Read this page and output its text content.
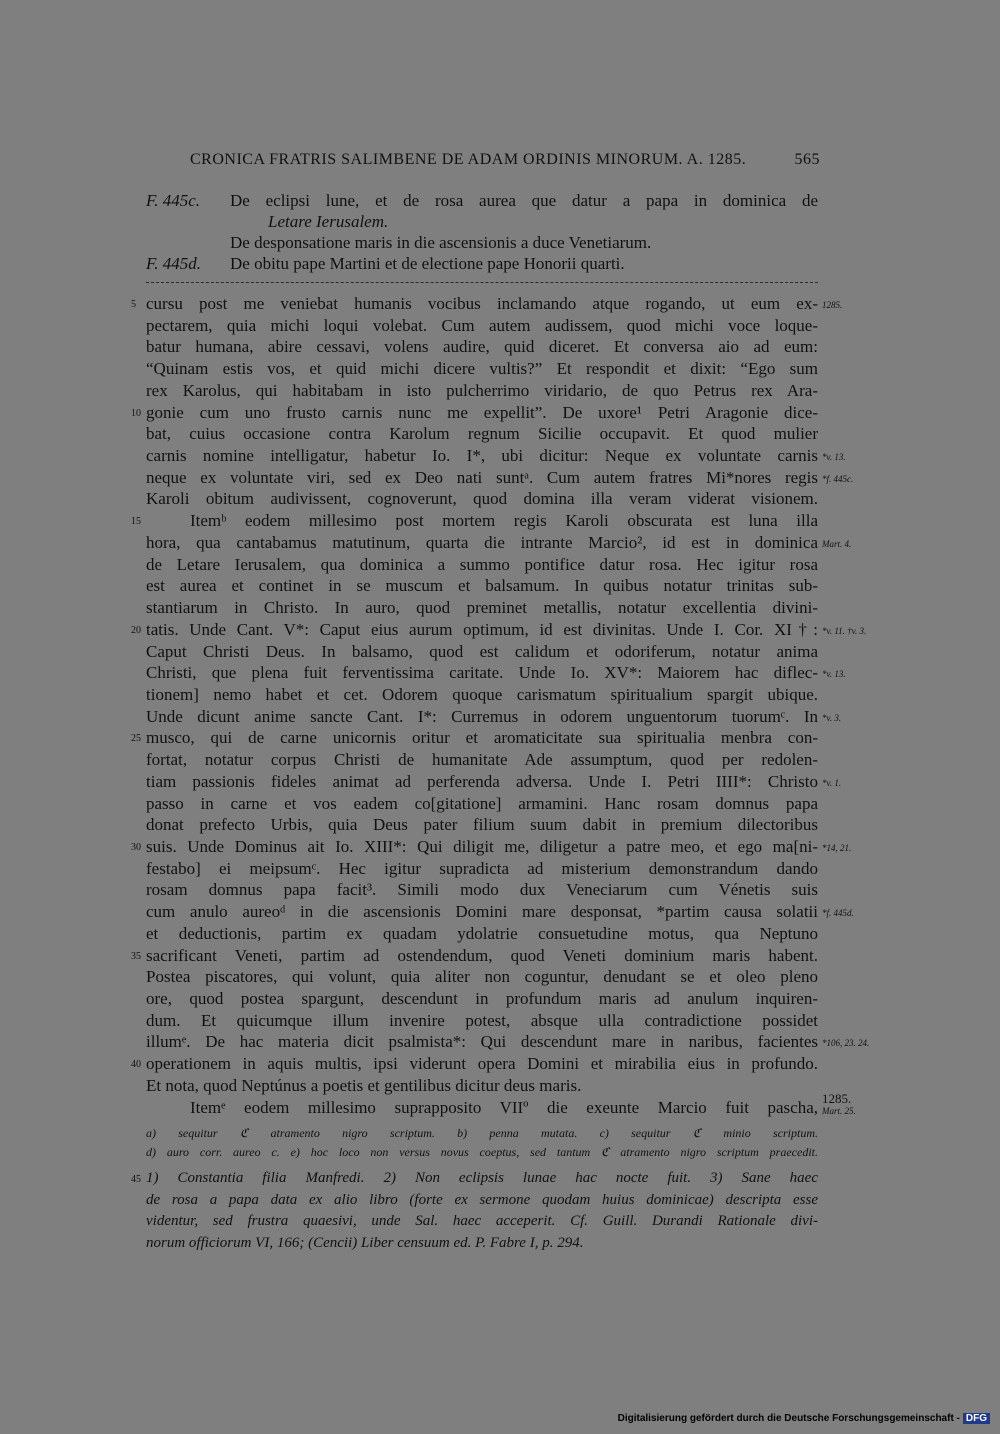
CRONICA FRATRIS SALIMBENE DE ADAM ORDINIS MINORUM. A. 1285.	565
F. 445c. De eclipsi lune, et de rosa aurea que datur a papa in dominica de
Letare Ierusalem.
De desponsatione maris in die ascensionis a duce Venetiarum.
F. 445d. De obitu pape Martini et de electione pape Honorii quarti.
5 cursu post me veniebat humanis vocibus inclamando atque rogando, ut eum ex- 1285.
pectarem, quia michi loqui volebat. Cum autem audissem, quod michi voce loque-
batur humana, abire cessavi, volens audire, quid diceret. Et conversa aio ad eum:
“Quinam estis vos, et quid michi dicere vultis?” Et respondit et dixit: “Ego sum
rex Karolus, qui habitabam in isto pulcherrimo viridario, de quo Petrus rex Ara-
10 gonie cum uno frusto carnis nunc me expellit”. De uxore¹ Petri Aragonie dice-
bat, cuius occasione contra Karolum regnum Sicilie occupavit. Et quod mulier
carnis nomine intelligatur, habetur Io. I*, ubi dicitur: Neque ex voluntate carnis *v. 13.
neque ex voluntate viri, sed ex Deo nati suntᵃ. Cum autem fratres Mi*nores regis *f. 445c.
Karoli obitum audivissent, cognoverunt, quod domina illa veram viderat visionem.
15	Itemᵇ eodem millesimo post mortem regis Karoli obscurata est luna illa
hora, qua cantabamus matutinum, quarta die intrante Marcio², id est in dominica Mart. 4.
de Letare Ierusalem, qua dominica a summo pontifice datur rosa. Hec igitur rosa
est aurea et continet in se muscum et balsamum. In quibus notatur trinitas sub-
stantiarum in Christo. In auro, quod preminet metallis, notatur excellentia divini-
20 tatis. Unde Cant. V*: Caput eius aurum optimum, id est divinitas. Unde I. Cor. XI†: *v. 11. †v. 3.
Caput Christi Deus. In balsamo, quod est calidum et odoriferum, notatur anima
Christi, que plena fuit ferventissima caritate. Unde Io. XV*: Maiorem hac diflec- *v. 13.
tionem] nemo habet et cet. Odorem quoque carismatum spiritualium spargit ubique.
Unde dicunt anime sancte Cant. I*: Curremus in odorem unguentorum tuorumᶜ. In *v. 3.
25 musco, qui de carne unicornis oritur et aromaticitate sua spiritualia menbra con-
fortat, notatur corpus Christi de humanitate Ade assumptum, quod per redolen-
tiam passionis fideles animat ad perferenda adversa. Unde I. Petri IIII*: Christo *v. 1.
passo in carne et vos eadem co[gitatione] armamini. Hanc rosam domnus papa
donat prefecto Urbis, quia Deus pater filium suum dabit in premium dilectoribus
30 suis. Unde Dominus ait Io. XIII*: Qui diligit me, diligetur a patre meo, et ego ma[ni- *14, 21.
festabo] ei meipsumᶜ. Hec igitur supradicta ad misterium demonstrandum dando
rosam domnus papa facit³. Simili modo dux Veneciarum cum Vénetis suis
cum anulo aureoᵈ in die ascensionis Domini mare desponsat, *partim causa solatii *f. 445d.
et deductionis, partim ex quadam ydolatrie consuetudine motus, qua Neptuno
35 sacrificant Veneti, partim ad ostendendum, quod Veneti dominium maris habent.
Postea piscatores, qui volunt, quia aliter non coguntur, denudant se et oleo pleno
ore, quod postea spargunt, descendunt in profundum maris ad anulum inquiren-
dum. Et quicumque illum invenire potest, absque ulla contradictione possidet
illumᵉ. De hac materia dicit psalmista*: Qui descendunt mare in naribus, facientes *106, 23. 24.
40 operationem in aquis multis, ipsi viderunt opera Domini et mirabilia eius in profundo.
Et nota, quod Neptúnus a poetis et gentilibus dicitur deus maris.
Itemᵉ eodem millesimo suprapposito VIIº die exeunte Marcio fuit pascha, 1285.
Mart. 25.
a) sequitur ℭ atramento nigro scriptum. b) penna mutata. c) sequitur ℭ minio scriptum.
d) auro corr. aureo c. e) hoc loco non versus novus coeptus, sed tantum ℭ atramento nigro scriptum praecedit.
45 1) Constantia filia Manfredi. 2) Non eclipsis lunae hac nocte fuit. 3) Sane haec
de rosa a papa data ex alio libro (forte ex sermone quodam huius dominicae) descripta esse
videntur, sed frustra quaesivi, unde Sal. haec acceperit. Cf. Guill. Durandi Rationale divi-
norum officiorum VI, 166; (Cencii) Liber censuum ed. P. Fabre I, p. 294.
Digitalisierung gefördert durch die Deutsche Forschungsgemeinschaft - DFG
